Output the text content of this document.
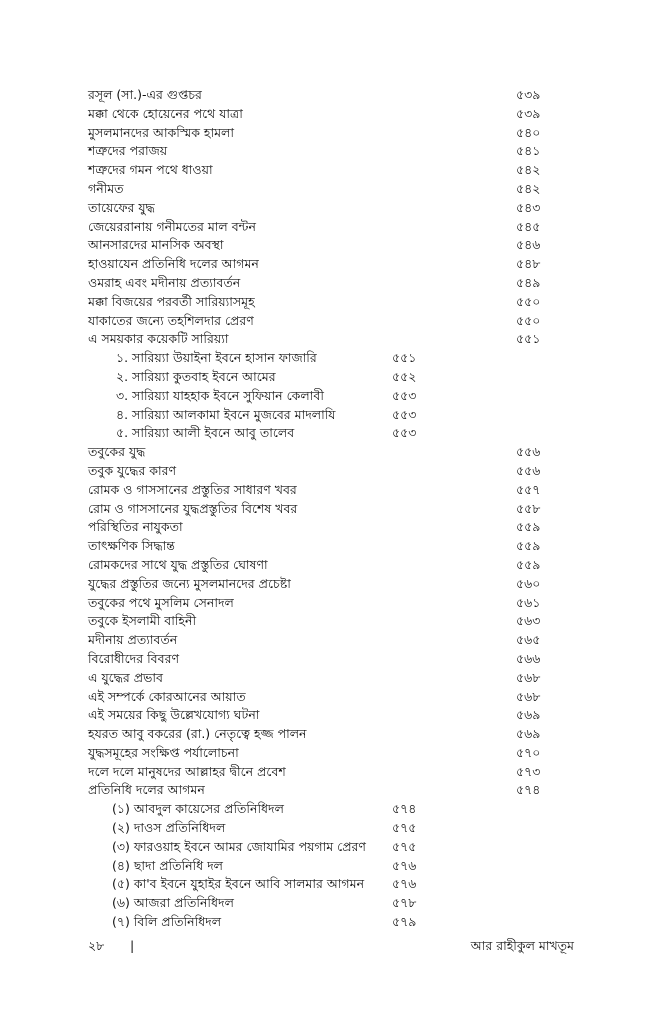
রসূল (সা.)-এর গুপ্তচর	৫৩৯
মক্কা থেকে হোয়েনের পথে যাত্রা	৫৩৯
মুসলমানদের আকস্মিক হামলা	৫৪০
শত্রুদের পরাজয়	৫৪১
শত্রুদের গমন পথে ধাওয়া	৫৪২
গনীমত	৫৪২
তায়েফের যুদ্ধ	৫৪৩
জেয়েররানায় গনীমতের মাল বন্টন	৫৪৫
আনসারদের মানসিক অবস্থা	৫৪৬
হাওয়াযেন প্রতিনিধি দলের আগমন	৫৪৮
ওমরাহ এবং মদীনায় প্রত্যাবর্তন	৫৪৯
মক্কা বিজয়ের পরবর্তী সারিয়্যাসমূহ	৫৫০
যাকাতের জন্যে তহশিলদার প্রেরণ	৫৫০
এ সময়কার কয়েকটি সারিয়্যা	৫৫১
১. সারিয়্যা উয়াইনা ইবনে হাসান ফাজারি	৫৫১
২. সারিয়্যা কুতবাহ ইবনে আমের	৫৫২
৩. সারিয়্যা যাহহাক ইবনে সুফিয়ান কেলাবী	৫৫৩
৪. সারিয়্যা আলকামা ইবনে মুজবের মাদলাযি	৫৫৩
৫. সারিয়্যা আলী ইবনে আবু তালেব	৫৫৩
তবুকের যুদ্ধ	৫৫৬
তবুক যুদ্ধের কারণ	৫৫৬
রোমক ও গাসসানের প্রস্তুতির সাধারণ খবর	৫৫৭
রোম ও গাসসানের যুদ্ধপ্রস্তুতির বিশেষ খবর	৫৫৮
পরিস্থিতির নাযুকতা	৫৫৯
তাৎক্ষণিক সিদ্ধান্ত	৫৫৯
রোমকদের সাথে যুদ্ধ প্রস্তুতির ঘোষণা	৫৫৯
যুদ্ধের প্রস্তুতির জন্যে মুসলমানদের প্রচেষ্টা	৫৬০
তবুকের পথে মুসলিম সেনাদল	৫৬১
তবুকে ইসলামী বাহিনী	৫৬৩
মদীনায় প্রত্যাবর্তন	৫৬৫
বিরোধীদের বিবরণ	৫৬৬
এ যুদ্ধের প্রভাব	৫৬৮
এই সম্পর্কে কোরআনের আয়াত	৫৬৮
এই সময়ের কিছু উল্লেখযোগ্য ঘটনা	৫৬৯
হযরত আবু বকরের (রা.) নেতৃত্বে হজ্জ পালন	৫৬৯
যুদ্ধসমূহের সংক্ষিপ্ত পর্যালোচনা	৫৭০
দলে দলে মানুষদের আল্লাহর দ্বীনে প্রবেশ	৫৭৩
প্রতিনিধি দলের আগমন	৫৭৪
(১) আবদুল কায়েসের প্রতিনিধিদল	৫৭৪
(২) দাওস প্রতিনিধিদল	৫৭৫
(৩) ফারওয়াহ ইবনে আমর জোযামির পয়গাম প্রেরণ ৫৭৫
(৪) ছাদা প্রতিনিধি দল	৫৭৬
(৫) কা'ব ইবনে যুহাইর ইবনে আবি সালমার আগমন ৫৭৬
(৬) আজরা প্রতিনিধিদল	৫৭৮
(৭) বিলি প্রতিনিধিদল	৫৭৯
২৮ |	আর রাহীকুল মাখতূম
